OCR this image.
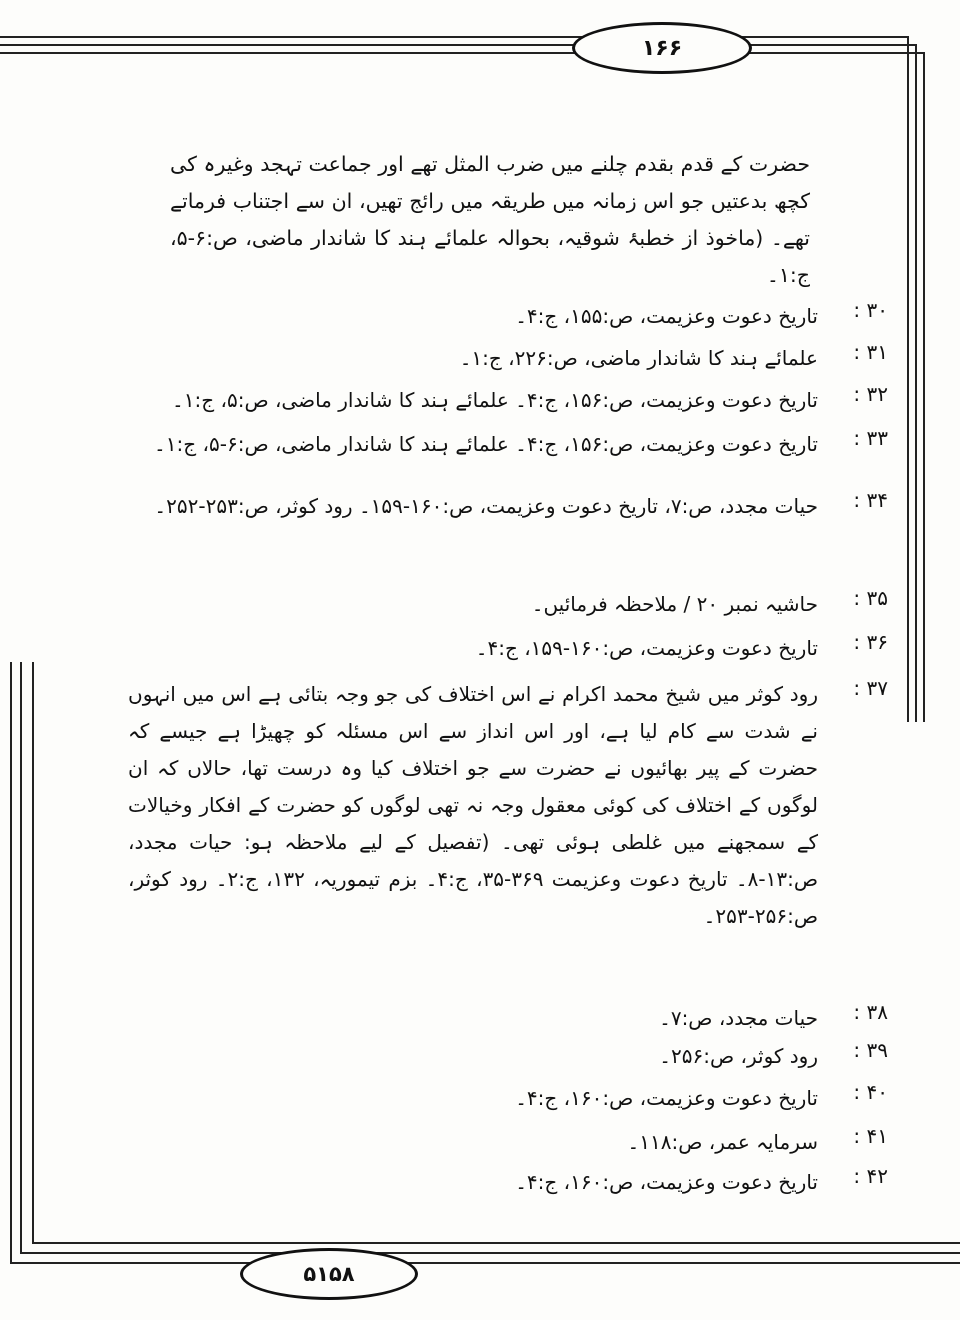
۱۶۶
حضرت کے قدم بقدم چلنے میں ضرب المثل تھے اور جماعت تہجد وغیرہ کی کچھ بدعتیں جو اس زمانہ میں طریقہ میں رائج تھیں، ان سے اجتناب فرماتے تھے۔ (ماخوذ از خطبۂ شوقیہ، بحوالہ علمائے ہند کا شاندار ماضی، ص:۶-۵، ج:۱۔
۳۰ :
تاریخ دعوت وعزیمت، ص:۱۵۵، ج:۴۔
۳۱ :
علمائے ہند کا شاندار ماضی، ص:۲۲۶، ج:۱۔
۳۲ :
تاریخ دعوت وعزیمت، ص:۱۵۶، ج:۴۔ علمائے ہند کا شاندار ماضی، ص:۵، ج:۱۔
۳۳ :
تاریخ دعوت وعزیمت، ص:۱۵۶، ج:۴۔ علمائے ہند کا شاندار ماضی، ص:۶-۵، ج:۱۔
۳۴ :
حیات مجدد، ص:۷، تاریخ دعوت وعزیمت، ص:۱۶۰-۱۵۹۔ رود کوثر، ص:۲۵۳-۲۵۲۔
۳۵ :
حاشیہ نمبر ۲۰ / ملاحظہ فرمائیں۔
۳۶ :
تاریخ دعوت وعزیمت، ص:۱۶۰-۱۵۹، ج:۴۔
۳۷ :
رود کوثر میں شیخ محمد اکرام نے اس اختلاف کی جو وجہ بتائی ہے اس میں انہوں نے شدت سے کام لیا ہے، اور اس انداز سے اس مسئلہ کو چھیڑا ہے جیسے کہ حضرت کے پیر بھائیوں نے حضرت سے جو اختلاف کیا وہ درست تھا، حالاں کہ ان لوگوں کے اختلاف کی کوئی معقول وجہ نہ تھی لوگوں کو حضرت کے افکار وخیالات کے سمجھنے میں غلطی ہوئی تھی۔ (تفصیل کے لیے ملاحظہ ہو: حیات مجدد، ص:۱۳-۸۔ تاریخ دعوت وعزیمت ۳۶۹-۳۵، ج:۴۔ بزم تیموریہ، ۱۳۲، ج:۲۔ رود کوثر، ص:۲۵۶-۲۵۳۔
۳۸ :
حیات مجدد، ص:۷۔
۳۹ :
رود کوثر، ص:۲۵۶۔
۴۰ :
تاریخ دعوت وعزیمت، ص:۱۶۰، ج:۴۔
۴۱ :
سرمایہ عمر، ص:۱۱۸۔
۴۲ :
تاریخ دعوت وعزیمت، ص:۱۶۰، ج:۴۔
۵۱۵۸
